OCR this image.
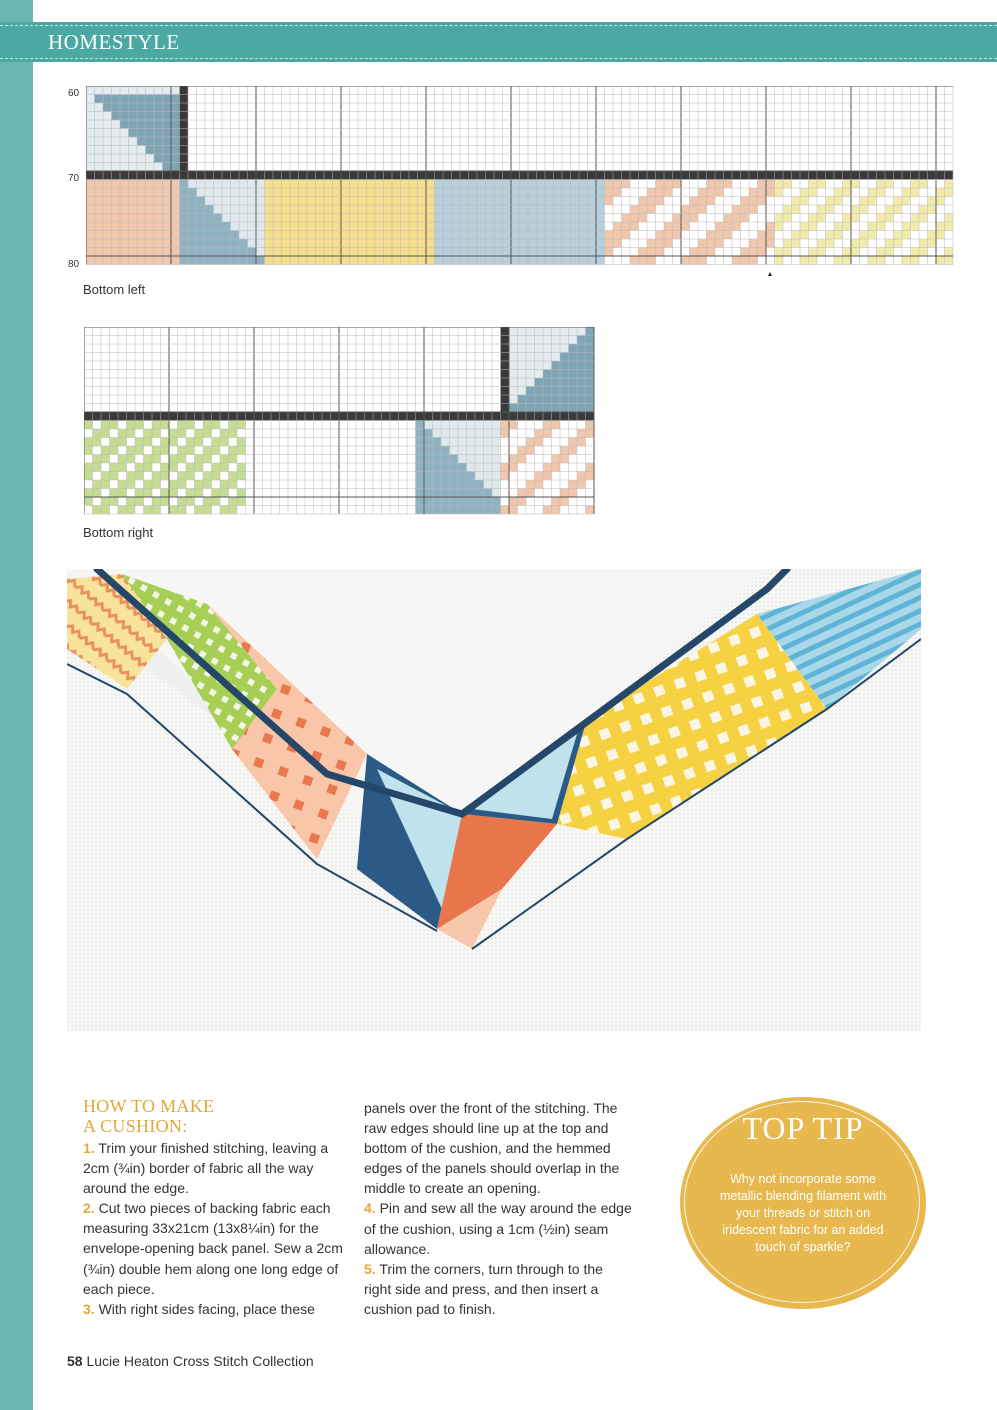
HOMESTYLE
60
70
80
Bottom left
Bottom right
HOW TO MAKE
A CUSHION:

1. Trim your finished stitching, leaving a 2cm (¾in) border of fabric all the way around the edge.

2. Cut two pieces of backing fabric each measuring 33x21cm (13x8¼in) for the envelope-opening back panel. Sew a 2cm (¾in) double hem along one long edge of each piece.

3. With right sides facing, place these

panels over the front of the stitching. The raw edges should line up at the top and bottom of the cushion, and the hemmed edges of the panels should overlap in the middle to create an opening.

4. Pin and sew all the way around the edge of the cushion, using a 1cm (½in) seam allowance.

5. Trim the corners, turn through to the right side and press, and then insert a cushion pad to finish.

TOP TIP
Why not incorporate some metallic blending filament with your threads or stitch on iridescent fabric for an added touch of sparkle?
58 Lucie Heaton Cross Stitch Collection
